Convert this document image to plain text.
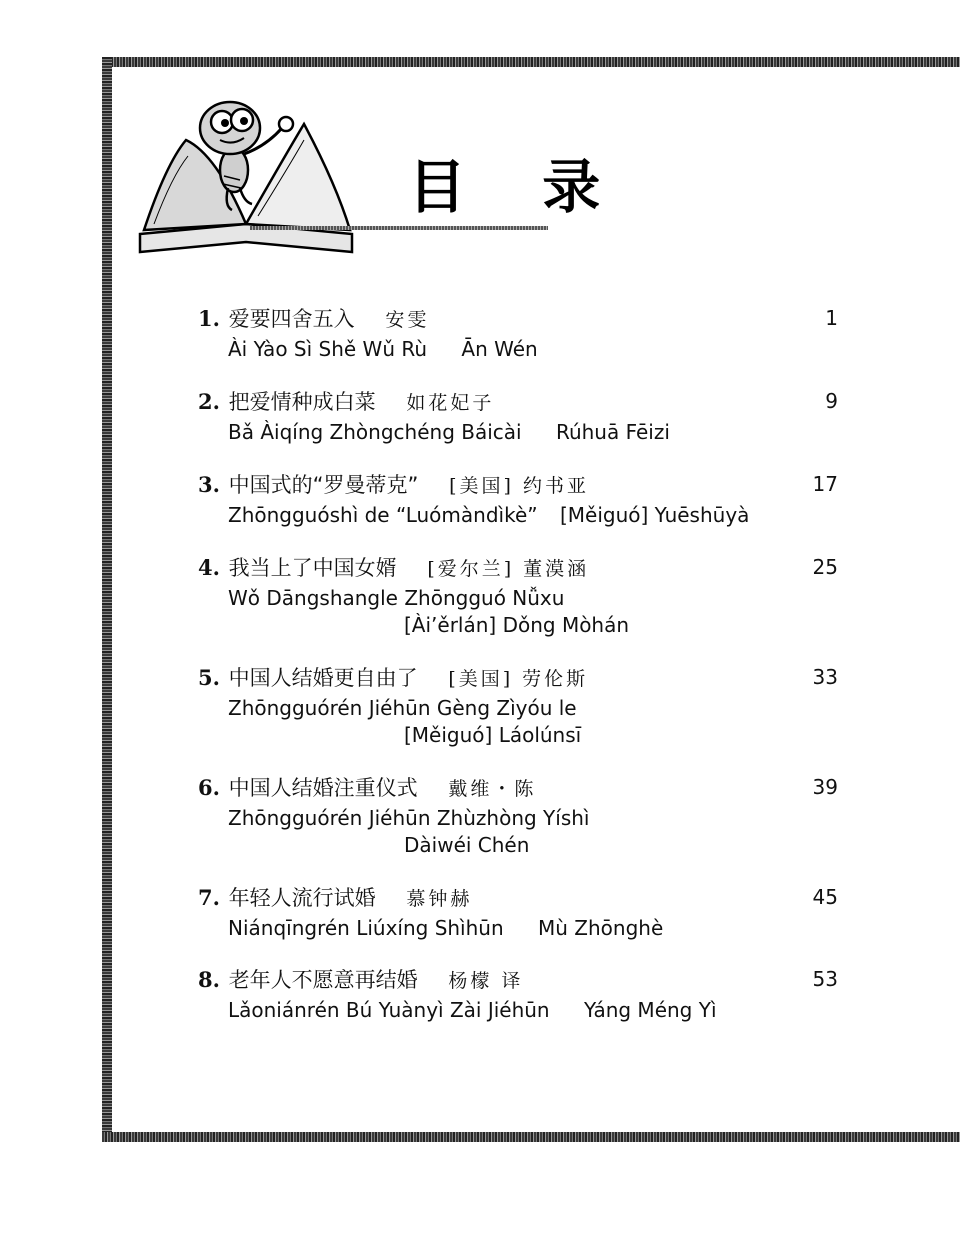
目 录
1. 爱要四舍五入 安雯	1
Ài Yào Sì Shě Wǔ Rù Ān Wén
2. 把爱情种成白菜 如花妃子	9
Bǎ Àiqíng Zhòngchéng Báicài Rúhuā Fēizi
3. 中国式的“罗曼蒂克” [美国] 约书亚	17
Zhōngguóshì de “Luómàndìkè” [Měiguó] Yuēshūyà
4. 我当上了中国女婿 [爱尔兰] 董漠涵	25
Wǒ Dāngshangle Zhōngguó Nǚxu
[Ài’ěrlán] Dǒng Mòhán
5. 中国人结婚更自由了 [美国] 劳伦斯	33
Zhōngguórén Jiéhūn Gèng Zìyóu le
[Měiguó] Láolúnsī
6. 中国人结婚注重仪式 戴维・陈	39
Zhōngguórén Jiéhūn Zhùzhòng Yíshì
Dàiwéi Chén
7. 年轻人流行试婚 慕钟赫	45
Niánqīngrén Liúxíng Shìhūn Mù Zhōnghè
8. 老年人不愿意再结婚 杨檬 译	53
Lǎoniánrén Bú Yuànyì Zài Jiéhūn Yáng Méng Yì
